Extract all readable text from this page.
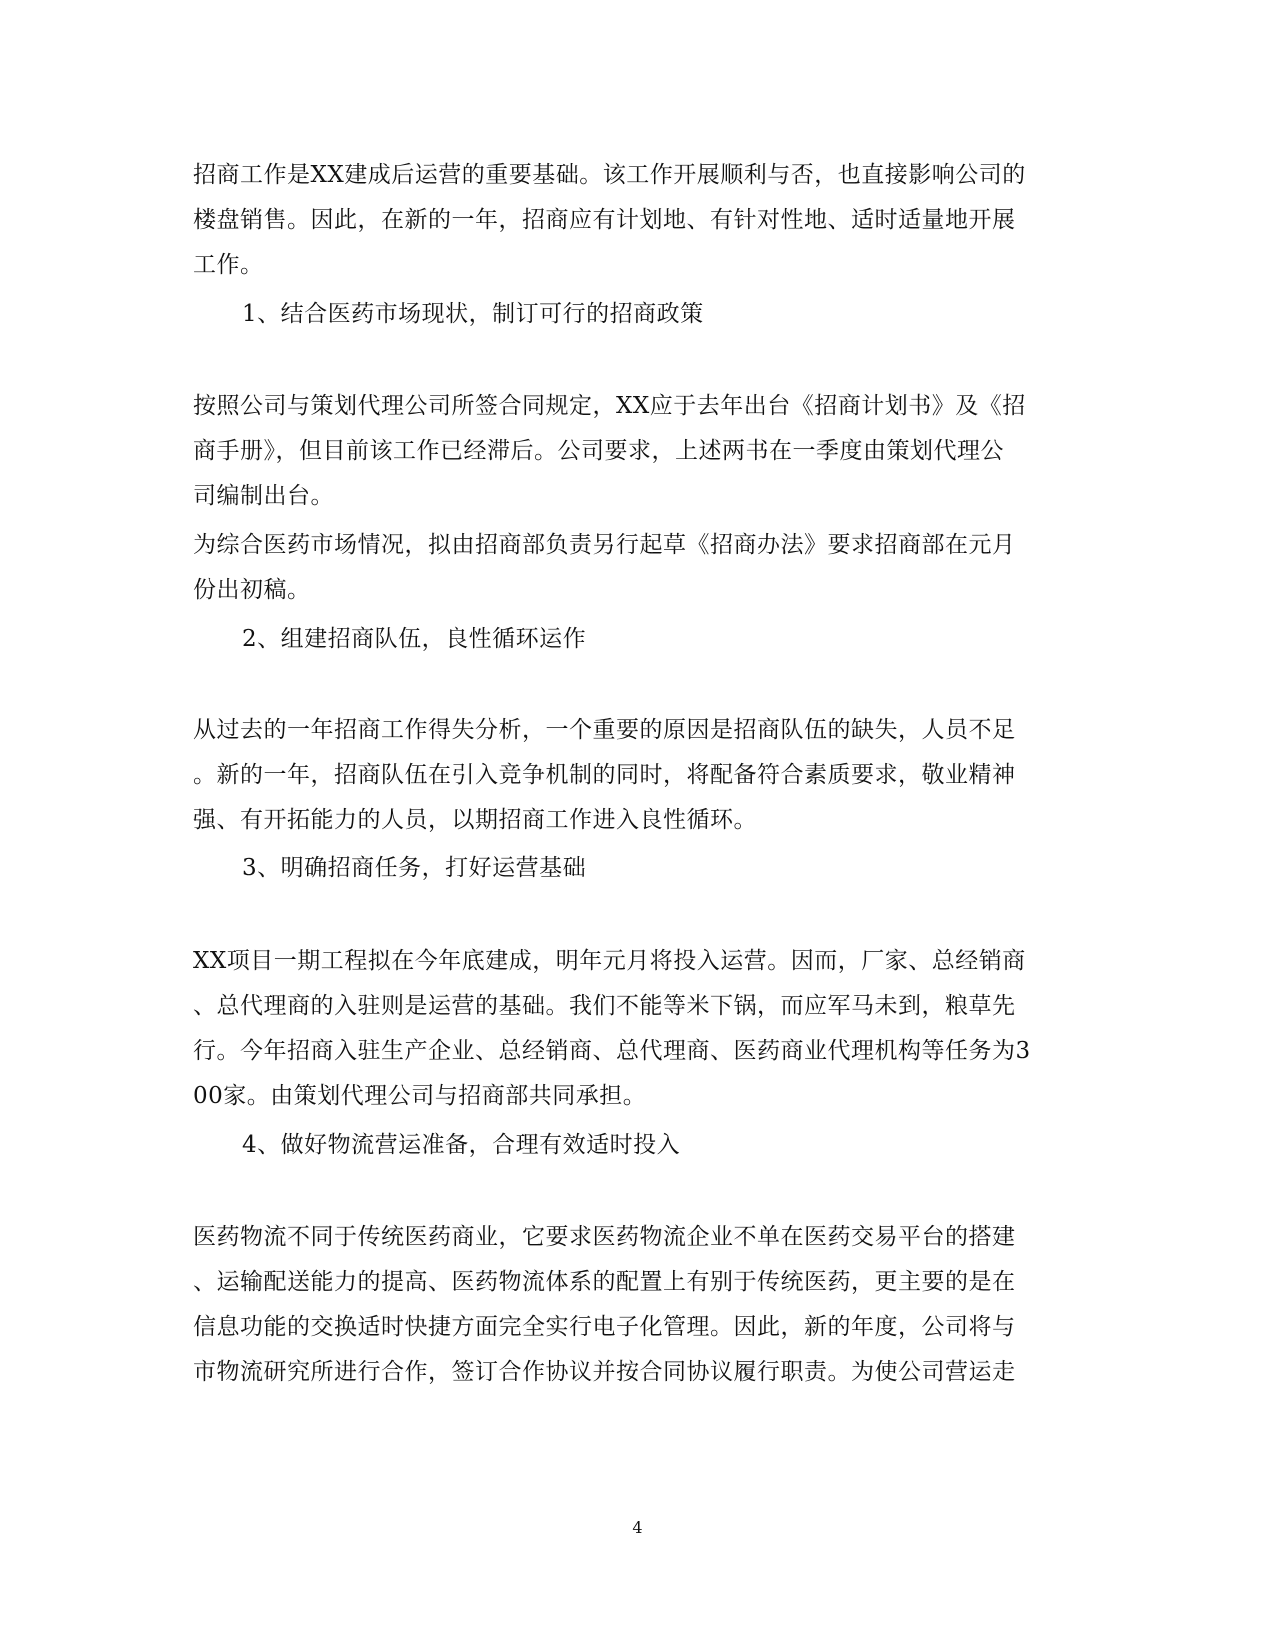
招商工作是XX建成后运营的重要基础。该工作开展顺利与否，也直接影响公司的
楼盘销售。因此，在新的一年，招商应有计划地、有针对性地、适时适量地开展
工作。
1、结合医药市场现状，制订可行的招商政策
按照公司与策划代理公司所签合同规定，XX应于去年出台《招商计划书》及《招
商手册》，但目前该工作已经滞后。公司要求，上述两书在一季度由策划代理公
司编制出台。
为综合医药市场情况，拟由招商部负责另行起草《招商办法》要求招商部在元月
份出初稿。
2、组建招商队伍，良性循环运作
从过去的一年招商工作得失分析，一个重要的原因是招商队伍的缺失，人员不足
。新的一年，招商队伍在引入竞争机制的同时，将配备符合素质要求，敬业精神
强、有开拓能力的人员，以期招商工作进入良性循环。
3、明确招商任务，打好运营基础
XX项目一期工程拟在今年底建成，明年元月将投入运营。因而，厂家、总经销商
、总代理商的入驻则是运营的基础。我们不能等米下锅，而应军马未到，粮草先
行。今年招商入驻生产企业、总经销商、总代理商、医药商业代理机构等任务为3
00家。由策划代理公司与招商部共同承担。
4、做好物流营运准备，合理有效适时投入
医药物流不同于传统医药商业，它要求医药物流企业不单在医药交易平台的搭建
、运输配送能力的提高、医药物流体系的配置上有别于传统医药，更主要的是在
信息功能的交换适时快捷方面完全实行电子化管理。因此，新的年度，公司将与
市物流研究所进行合作，签订合作协议并按合同协议履行职责。为使公司营运走
4
